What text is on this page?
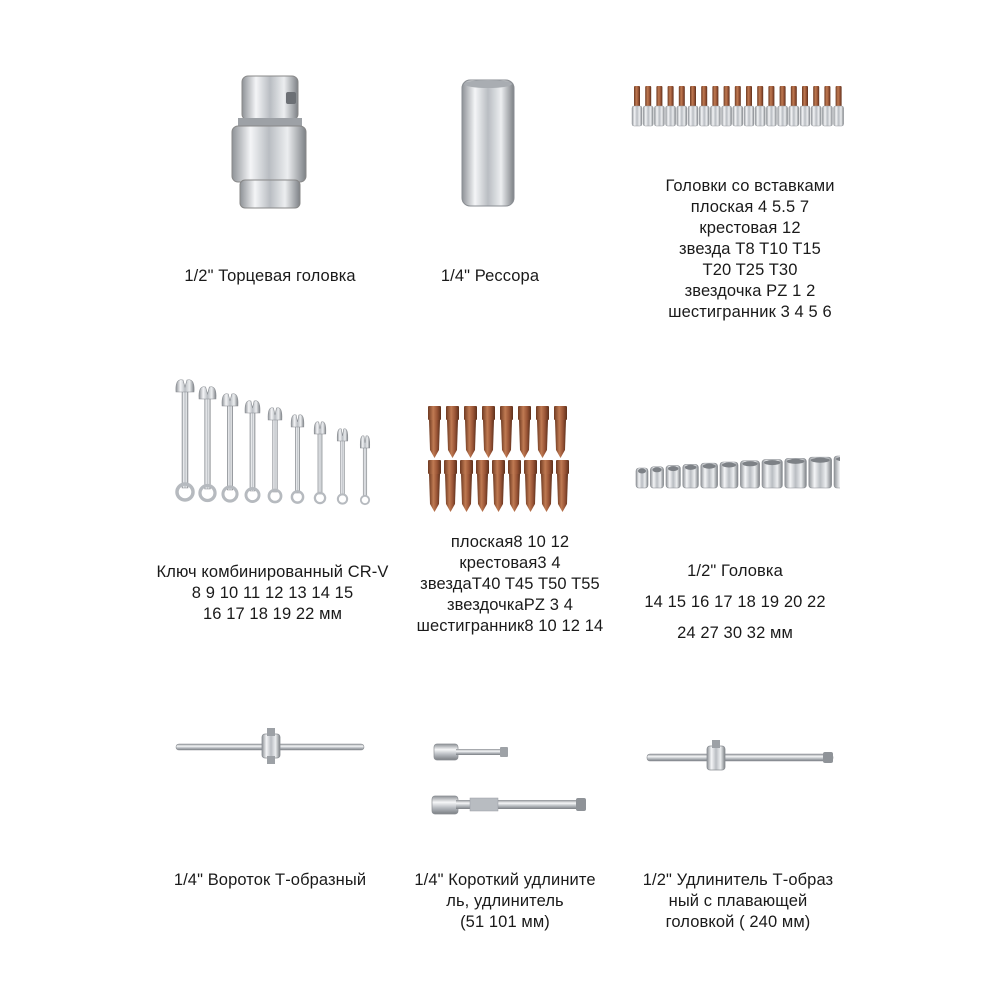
1/2" Торцевая головка	1/4" Рессора
Головки со вставками
плоская 4 5.5 7
крестовая 12
звезда T8 T10 T15
T20 T25 T30
звездочка PZ 1 2
шестигранник 3 4 5 6
Ключ комбинированный CR-V
8 9 10 11 12 13 14 15
16 17 18 19 22 мм
плоская8 10 12
крестовая3 4
звездаT40 T45 T50 T55
звездочкаPZ 3 4
шестигранник8 10 12 14
1/2" Головка
14 15 16 17 18 19 20 22
24 27 30 32 мм
1/4" Вороток Т-образный	1/4" Короткий удлините
ль, удлинитель
(51 101 мм)
1/2" Удлинитель Т-образ
ный с плавающей
головкой ( 240 мм)
